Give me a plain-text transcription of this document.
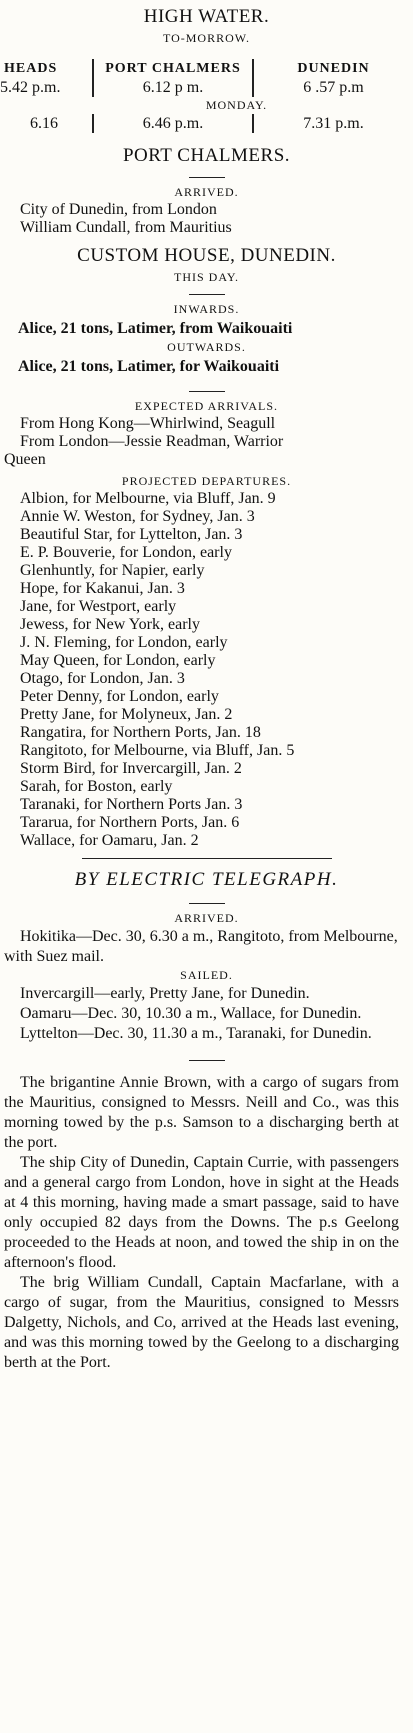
HIGH WATER.
TO-MORROW.
HEADS	PORT CHALMERS	DUNEDIN
5.42 p.m.	6.12 p m.	6 .57 p.m
MONDAY.
6.16	6.46 p.m.	7.31 p.m.
PORT CHALMERS.
ARRIVED.
City of Dunedin, from London
William Cundall, from Mauritius
CUSTOM HOUSE, DUNEDIN.
THIS DAY.
INWARDS.
Alice, 21 tons, Latimer, from Waikouaiti
OUTWARDS.
Alice, 21 tons, Latimer, for Waikouaiti
EXPECTED ARRIVALS.
From Hong Kong—Whirlwind, Seagull
From London—Jessie Readman, Warrior
Queen
PROJECTED DEPARTURES.
Albion, for Melbourne, via Bluff, Jan. 9
Annie W. Weston, for Sydney, Jan. 3
Beautiful Star, for Lyttelton, Jan. 3
E. P. Bouverie, for London, early
Glenhuntly, for Napier, early
Hope, for Kakanui, Jan. 3
Jane, for Westport, early
Jewess, for New York, early
J. N. Fleming, for London, early
May Queen, for London, early
Otago, for London, Jan. 3
Peter Denny, for London, early
Pretty Jane, for Molyneux, Jan. 2
Rangatira, for Northern Ports, Jan. 18
Rangitoto, for Melbourne, via Bluff, Jan. 5
Storm Bird, for Invercargill, Jan. 2
Sarah, for Boston, early
Taranaki, for Northern Ports Jan. 3
Tararua, for Northern Ports, Jan. 6
Wallace, for Oamaru, Jan. 2
BY ELECTRIC TELEGRAPH.
ARRIVED.
Hokitika—Dec. 30, 6.30 a m., Rangitoto, from Melbourne, with Suez mail.
SAILED.
Invercargill—early, Pretty Jane, for Dunedin.
Oamaru—Dec. 30, 10.30 a m., Wallace, for Dunedin.
Lyttelton—Dec. 30, 11.30 a m., Taranaki, for Dunedin.
The brigantine Annie Brown, with a cargo of sugars from the Mauritius, consigned to Messrs. Neill and Co., was this morning towed by the p.s. Samson to a discharging berth at the port.
The ship City of Dunedin, Captain Currie, with passengers and a general cargo from London, hove in sight at the Heads at 4 this morning, having made a smart passage, said to have only occupied 82 days from the Downs. The p.s Geelong proceeded to the Heads at noon, and towed the ship in on the afternoon's flood.
The brig William Cundall, Captain Macfarlane, with a cargo of sugar, from the Mauritius, consigned to Messrs Dalgetty, Nichols, and Co, arrived at the Heads last evening, and was this morning towed by the Geelong to a discharging berth at the Port.
